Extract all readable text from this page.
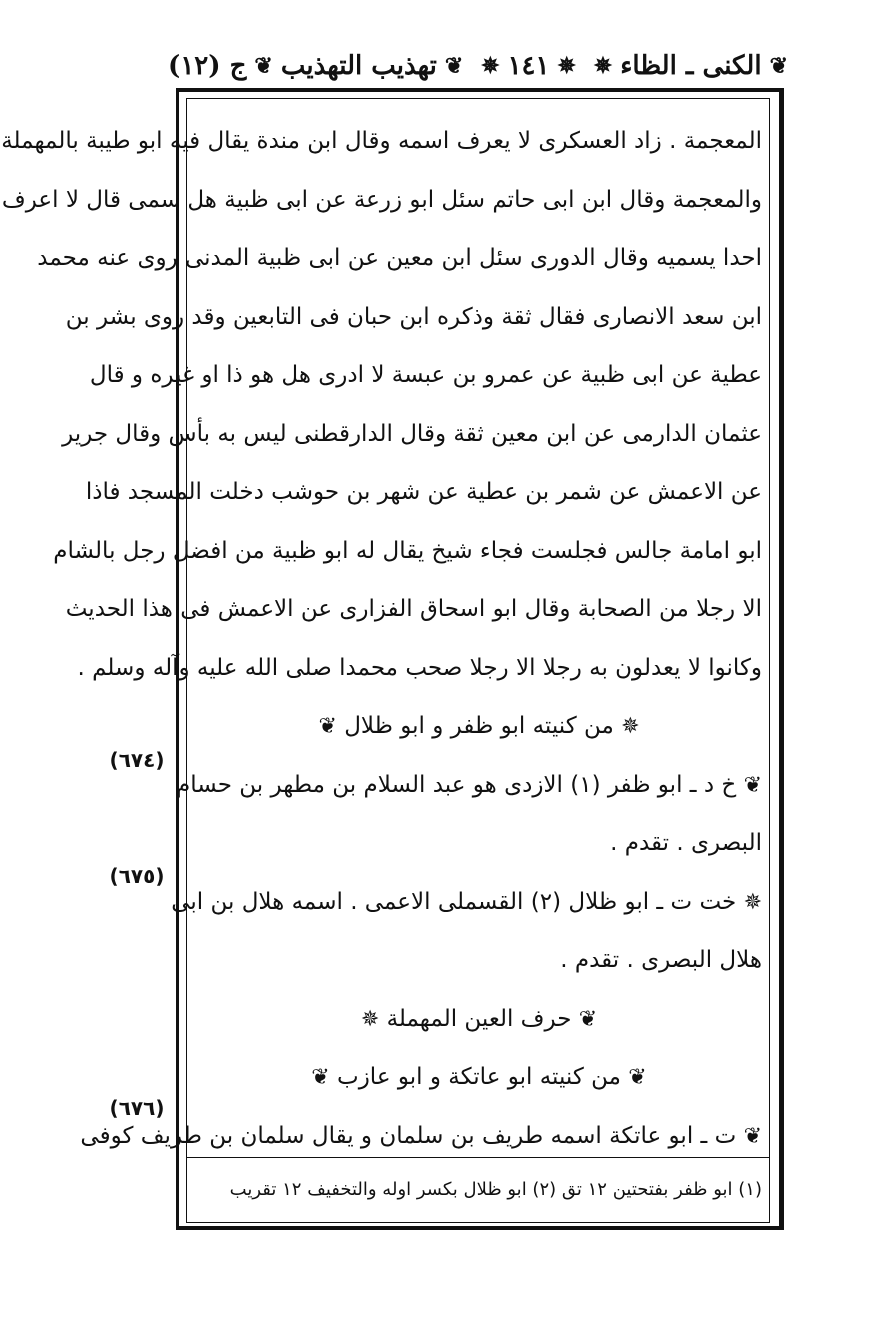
❦
الکنی ـ الظاء
✵
✵
١٤١
✵
❦
تهذیب التهذیب
❦
ج (١٢)
المعجمة . زاد العسکری لا یعرف اسمه وقال ابن مندة یقال فیه ابو طیبة بالمهملة
والمعجمة وقال ابن ابی حاتم سئل ابو زرعة عن ابی ظبیة هل سمی قال لا اعرف
احدا یسمیه وقال الدوری سئل ابن معین عن ابی ظبیة المدنی روی عنه محمد
ابن سعد الانصاری فقال ثقة وذکره ابن حبان فی التابعین وقد روی بشر بن
عطیة عن ابی ظبیة عن عمرو بن عبسة لا ادری هل هو ذا او غیره و قال
عثمان الدارمی عن ابن معین ثقة وقال الدارقطنی لیس به بأس وقال جریر
عن الاعمش عن شمر بن عطیة عن شهر بن حوشب دخلت المسجد فاذا
ابو امامة جالس فجلست فجاء شیخ یقال له ابو ظبیة من افضل رجل بالشام
الا رجلا من الصحابة وقال ابو اسحاق الفزاری عن الاعمش فی هذا الحدیث
وکانوا لا یعدلون به رجلا الا رجلا صحب محمدا صلی الله علیه وآله وسلم .
✵ من کنیته ابو ظفر و ابو ظلال ❦
❦ خ د ـ ابو ظفر (١) الازدی هو عبد السلام بن مطهر بن حسام
البصری . تقدم .
✵ خت ت ـ ابو ظلال (٢) القسملی الاعمی . اسمه هلال بن ابی
هلال البصری . تقدم .
❦ حرف العین المهملة ✵
❦ من کنیته ابو عاتکة و ابو عازب ❦
❦ ت ـ ابو عاتکة اسمه طریف بن سلمان و یقال سلمان بن طریف کوفی
(٦٧٤)
(٦٧٥)
(٦٧٦)
(١) ابو ظفر بفتحتین ١٢ تق (٢) ابو ظلال بکسر اوله والتخفیف ١٢ تقریب
